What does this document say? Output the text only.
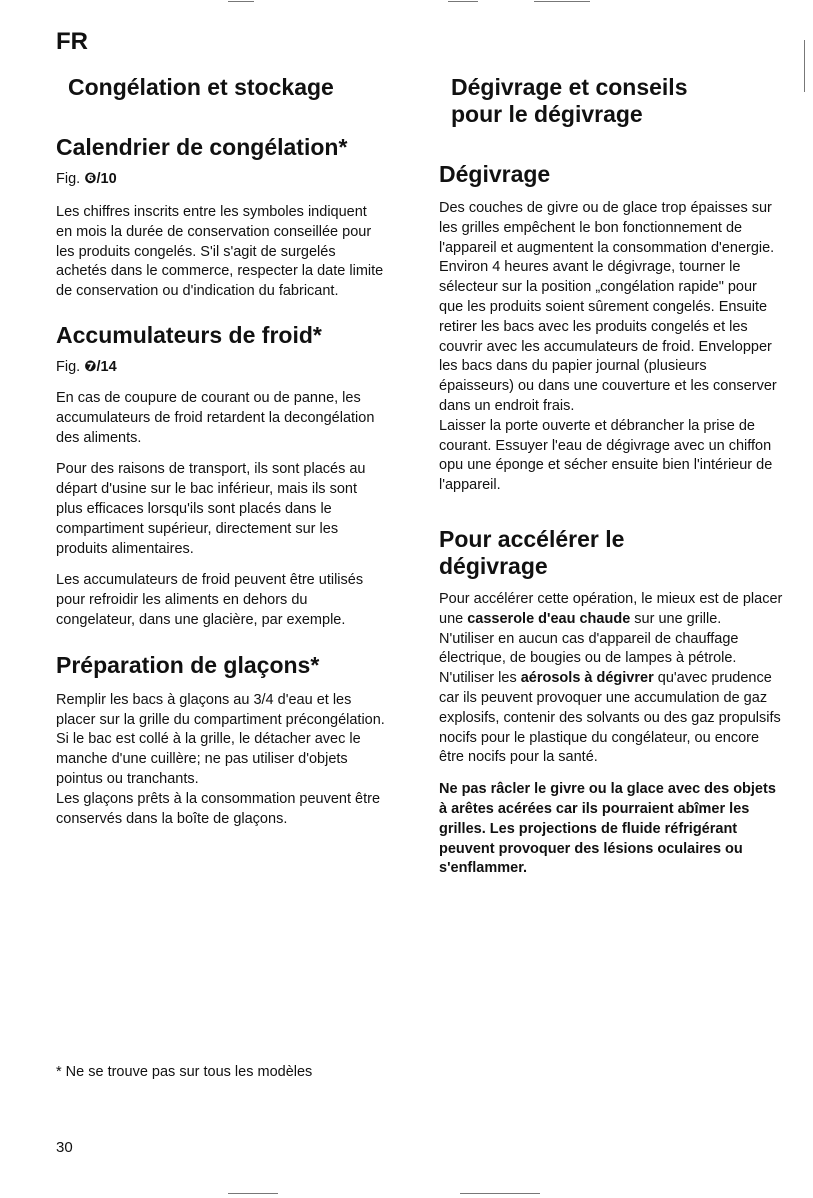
FR
Congélation et stockage
Calendrier de congélation*
Fig. ❻/10

Les chiffres inscrits entre les symboles indiquent en mois la durée de conservation conseillée pour les produits congelés. S'il s'agit de surgelés achetés dans le commerce, respecter la date limite de conservation ou d'indication du fabricant.

Accumulateurs de froid*
Fig. ❼/14

En cas de coupure de courant ou de panne, les accumulateurs de froid retardent la decongélation des aliments.

Pour des raisons de transport, ils sont placés au départ d'usine sur le bac inférieur, mais ils sont plus efficaces lorsqu'ils sont placés dans le compartiment supérieur, directement sur les produits alimentaires.

Les accumulateurs de froid peuvent être utilisés pour refroidir les aliments en dehors du congelateur, dans une glacière, par exemple.

Préparation de glaçons*

Remplir les bacs à glaçons au 3/4 d'eau et les placer sur la grille du compartiment précongélation.
Si le bac est collé à la grille, le détacher avec le manche d'une cuillère; ne pas utiliser d'objets pointus ou tranchants.
Les glaçons prêts à la consommation peuvent être conservés dans la boîte de glaçons.

Dégivrage et conseils pour le dégivrage
Dégivrage

Des couches de givre ou de glace trop épaisses sur les grilles empêchent le bon fonctionnement de l'appareil et augmentent la consommation d'energie.
Environ 4 heures avant le dégivrage, tourner le sélecteur sur la position „congélation rapide" pour que les produits soient sûrement congelés. Ensuite retirer les bacs avec les produits congelés et les couvrir avec les accumulateurs de froid. Envelopper les bacs dans du papier journal (plusieurs épaisseurs) ou dans une couverture et les conserver dans un endroit frais.
Laisser la porte ouverte et débrancher la prise de courant. Essuyer l'eau de dégivrage avec un chiffon opu une éponge et sécher ensuite bien l'intérieur de l'appareil.

Pour accélérer le dégivrage

Pour accélérer cette opération, le mieux est de placer une casserole d'eau chaude sur une grille.

N'utiliser en aucun cas d'appareil de chauffage électrique, de bougies ou de lampes à pétrole.

N'utiliser les aérosols à dégivrer qu'avec prudence car ils peuvent provoquer une accumulation de gaz explosifs, contenir des solvants ou des gaz propulsifs nocifs pour le plastique du congélateur, ou encore être nocifs pour la santé.

Ne pas râcler le givre ou la glace avec des objets à arêtes acérées car ils pourraient abîmer les grilles. Les projections de fluide réfrigérant peuvent provoquer des lésions oculaires ou s'enflammer.

* Ne se trouve pas sur tous les modèles

30
